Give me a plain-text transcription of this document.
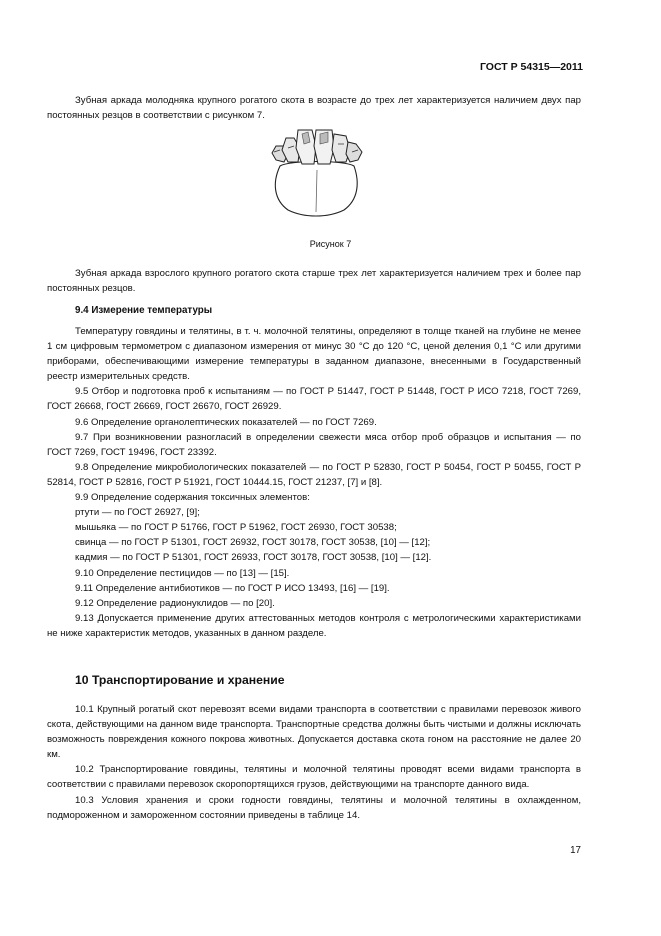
ГОСТ Р 54315—2011

Зубная аркада молодняка крупного рогатого скота в возрасте до трех лет характеризуется наличием двух пар постоянных резцов в соответствии с рисунком 7.

Рисунок 7

Зубная аркада взрослого крупного рогатого скота старше трех лет характеризуется наличием трех и более пар постоянных резцов.

9.4 Измерение температуры

Температуру говядины и телятины, в т. ч. молочной телятины, определяют в толще тканей на глубине не менее 1 см цифровым термометром с диапазоном измерения от минус 30 °С до 120 °С, ценой деления 0,1 °С или другими приборами, обеспечивающими измерение температуры в заданном диапазоне, внесенными в Государственный реестр измерительных средств.

9.5 Отбор и подготовка проб к испытаниям — по ГОСТ Р 51447, ГОСТ Р 51448, ГОСТ Р ИСО 7218, ГОСТ 7269, ГОСТ 26668, ГОСТ 26669, ГОСТ 26670, ГОСТ 26929.

9.6 Определение органолептических показателей — по ГОСТ 7269.

9.7 При возникновении разногласий в определении свежести мяса отбор проб образцов и испытания — по ГОСТ 7269, ГОСТ 19496, ГОСТ 23392.

9.8 Определение микробиологических показателей — по ГОСТ Р 52830, ГОСТ Р 50454, ГОСТ Р 50455, ГОСТ Р 52814, ГОСТ Р 52816, ГОСТ Р 51921, ГОСТ 10444.15, ГОСТ 21237, [7] и [8].

9.9 Определение содержания токсичных элементов:

ртути — по ГОСТ 26927, [9];

мышьяка — по ГОСТ Р 51766, ГОСТ Р 51962, ГОСТ 26930, ГОСТ 30538;

свинца — по ГОСТ Р 51301, ГОСТ 26932, ГОСТ 30178, ГОСТ 30538, [10] — [12];

кадмия — по ГОСТ Р 51301, ГОСТ 26933, ГОСТ 30178, ГОСТ 30538, [10] — [12].

9.10 Определение пестицидов — по [13] — [15].

9.11 Определение антибиотиков — по ГОСТ Р ИСО 13493, [16] — [19].

9.12 Определение радионуклидов — по [20].

9.13 Допускается применение других аттестованных методов контроля с метрологическими характеристиками не ниже характеристик методов, указанных в данном разделе.

10 Транспортирование и хранение

10.1 Крупный рогатый скот перевозят всеми видами транспорта в соответствии с правилами перевозок живого скота, действующими на данном виде транспорта. Транспортные средства должны быть чистыми и должны исключать возможность повреждения кожного покрова животных. Допускается доставка скота гоном на расстояние не далее 20 км.

10.2 Транспортирование говядины, телятины и молочной телятины проводят всеми видами транспорта в соответствии с правилами перевозок скоропортящихся грузов, действующими на транспорте данного вида.

10.3 Условия хранения и сроки годности говядины, телятины и молочной телятины в охлажденном, подмороженном и замороженном состоянии приведены в таблице 14.

17
